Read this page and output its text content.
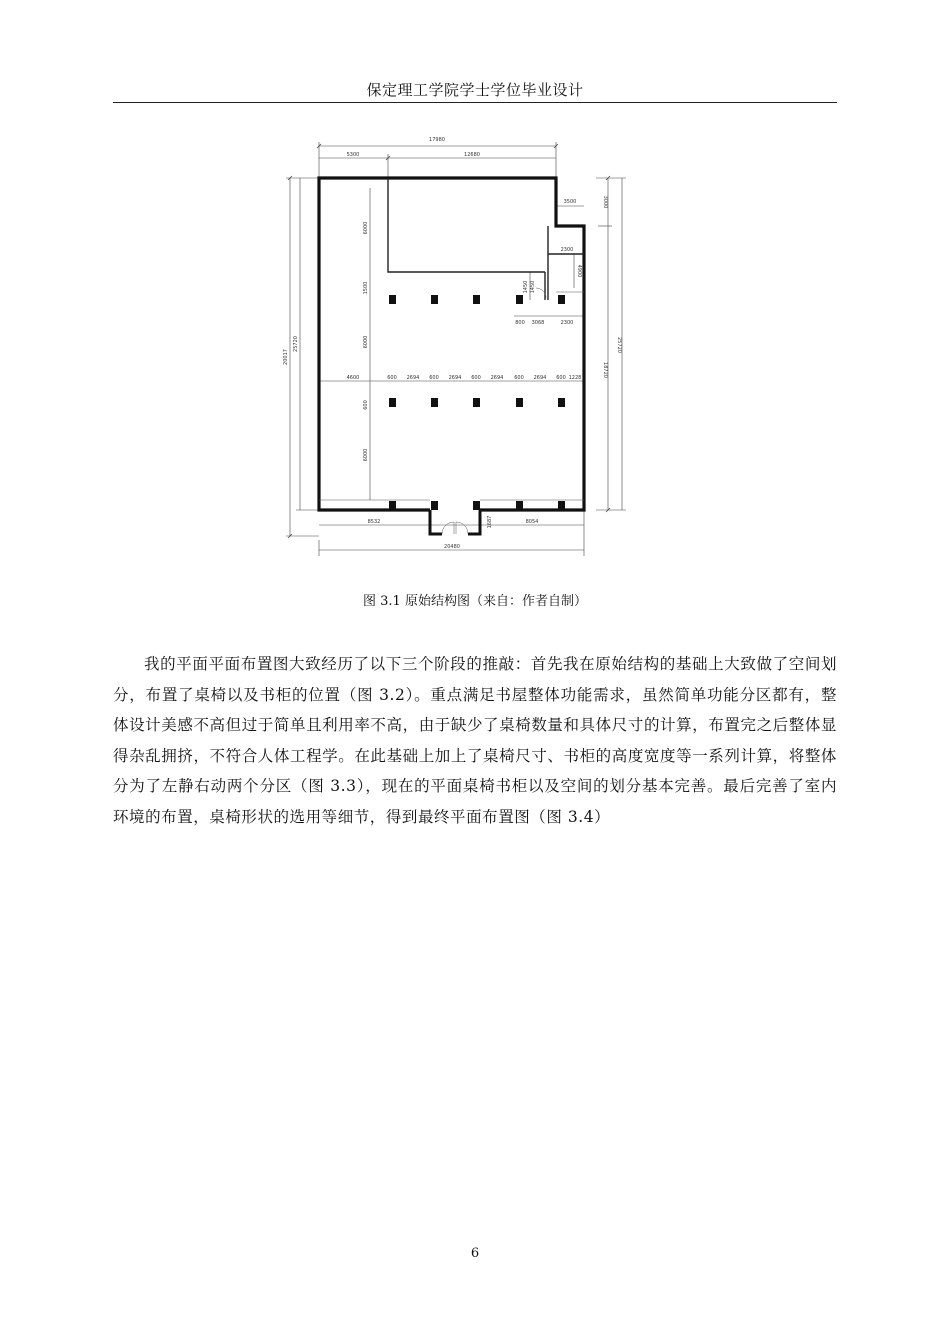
保定理工学院学士学位毕业设计
17980
5300	12680
3500
2300
3000
4900
25720
18720
20017
25720
6000
1500
6000
6000
4600	600 2694 600 2694 600 2694 600 2694 600 1228
600
800 3068	2300
1450 1450
8532	8054
1687
20480
图 3.1 原始结构图（来自：作者自制）

我的平面平面布置图大致经历了以下三个阶段的推敲：首先我在原始结构的基础上大致做了空间划分，布置了桌椅以及书柜的位置（图 3.2）。重点满足书屋整体功能需求，虽然简单功能分区都有，整体设计美感不高但过于简单且利用率不高，由于缺少了桌椅数量和具体尺寸的计算，布置完之后整体显得杂乱拥挤，不符合人体工程学。在此基础上加上了桌椅尺寸、书柜的高度宽度等一系列计算，将整体分为了左静右动两个分区（图 3.3），现在的平面桌椅书柜以及空间的划分基本完善。最后完善了室内环境的布置，桌椅形状的选用等细节，得到最终平面布置图（图 3.4）

6
